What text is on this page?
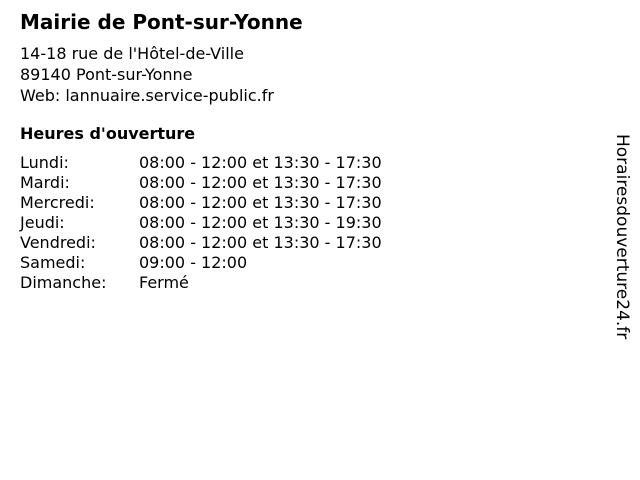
Mairie de Pont-sur-Yonne
14-18 rue de l'Hôtel-de-Ville
89140 Pont-sur-Yonne
Web: lannuaire.service-public.fr
Heures d'ouverture
Lundi:	08:00 - 12:00 et 13:30 - 17:30
Mardi:	08:00 - 12:00 et 13:30 - 17:30
Mercredi:	08:00 - 12:00 et 13:30 - 17:30
Jeudi:	08:00 - 12:00 et 13:30 - 19:30
Vendredi:	08:00 - 12:00 et 13:30 - 17:30
Samedi:	09:00 - 12:00
Dimanche:	Fermé	Horairesdouverture24.fr
